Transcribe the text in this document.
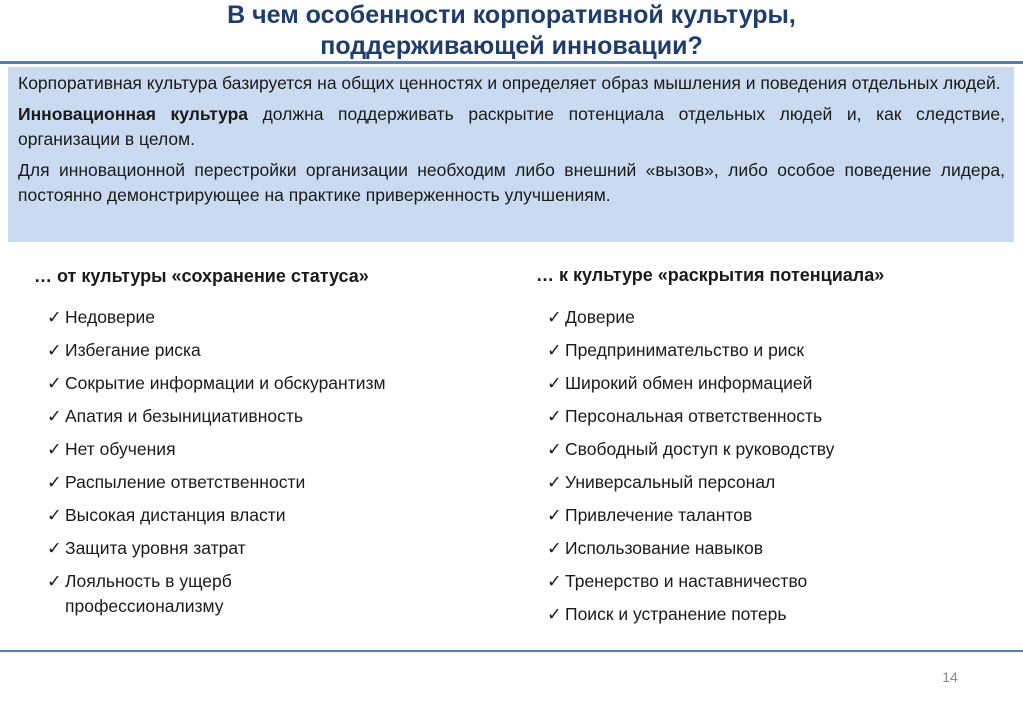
В чем особенности корпоративной культуры,
поддерживающей инновации?

Корпоративная культура базируется на общих ценностях и определяет образ мышления и поведения отдельных людей.

Инновационная культура должна поддерживать раскрытие потенциала отдельных людей и, как следствие, организации в целом.

Для инновационной перестройки организации необходим либо внешний «вызов», либо особое поведение лидера, постоянно демонстрирующее на практике приверженность улучшениям.

… от культуры «сохранение статуса»
✓ Недоверие
✓ Избегание риска
✓ Сокрытие информации и обскурантизм
✓ Апатия и безынициативность
✓ Нет обучения
✓ Распыление ответственности
✓ Высокая дистанция власти
✓ Защита уровня затрат
✓ Лояльность в ущерб профессионализму
… к культуре «раскрытия потенциала»
✓ Доверие
✓ Предпринимательство и риск
✓ Широкий обмен информацией
✓ Персональная ответственность
✓ Свободный доступ к руководству
✓ Универсальный персонал
✓ Привлечение талантов
✓ Использование навыков
✓ Тренерство и наставничество
✓ Поиск и устранение потерь
14
